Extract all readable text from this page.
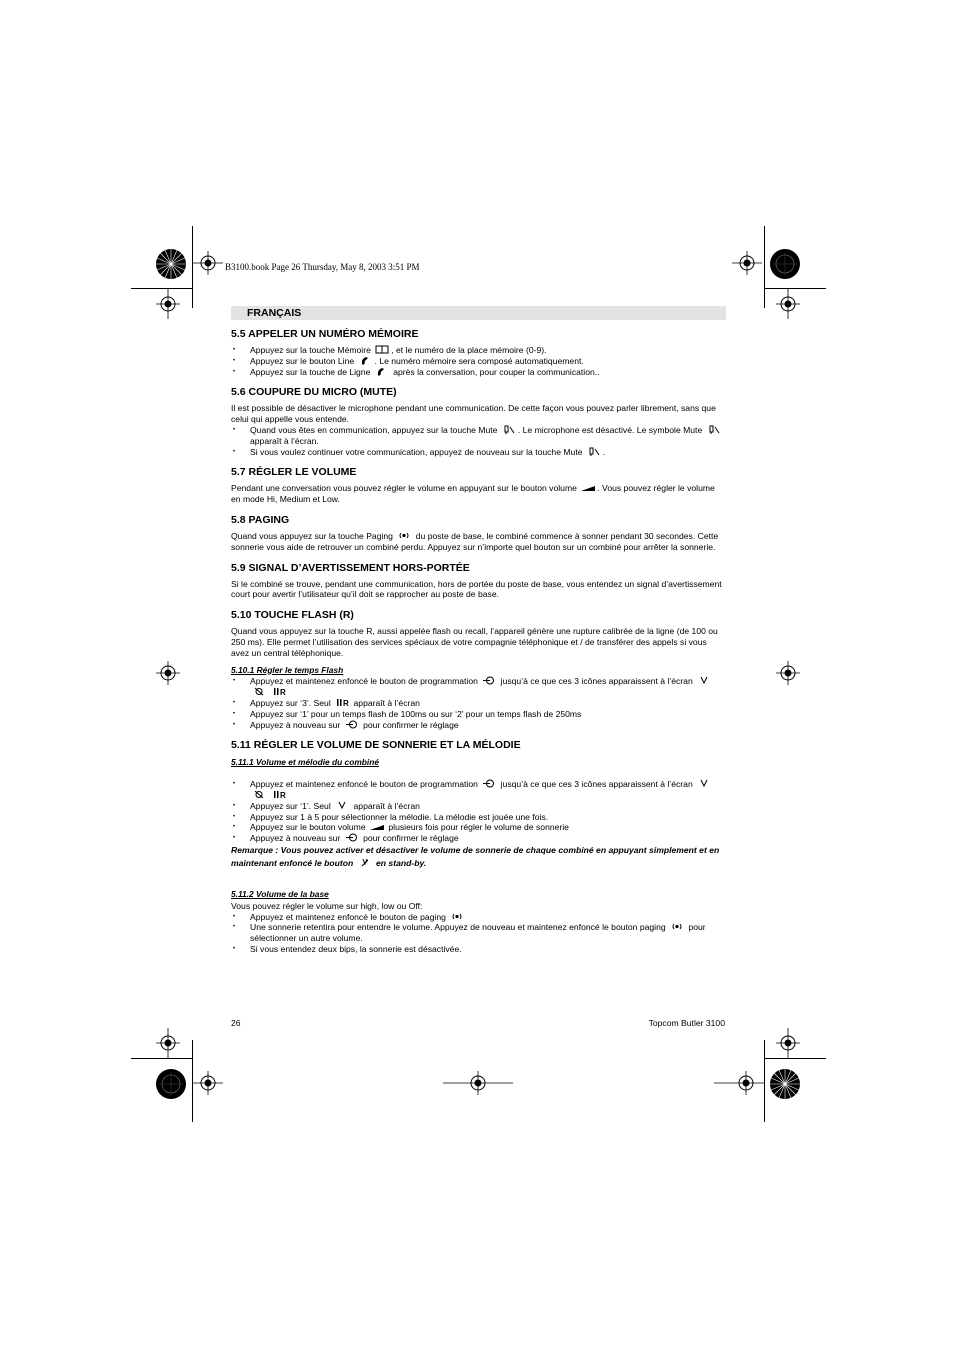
B3100.book Page 26 Thursday, May 8, 2003 3:51 PM
FRANÇAIS
5.5 APPELER UN NUMÉRO MÉMOIRE
• Appuyez sur la touche Mémoire , et le numéro de la place mémoire (0-9).
• Appuyez sur le bouton Line . Le numéro mémoire sera composé automatiquement.
• Appuyez sur la touche de Ligne	après la conversation, pour couper la communication..
5.6 COUPURE DU MICRO (MUTE)

Il est possible de désactiver le microphone pendant une communication. De cette façon vous pouvez parler librement, sans que celui qui appelle vous entende.

• Quand vous êtes en communication, appuyez sur la touche Mute . Le microphone est désactivé. Le symbole Mute  apparaît à l’écran.
• Si vous voulez continuer votre communication, appuyez de nouveau sur la touche Mute .
5.7 RÉGLER LE VOLUME

Pendant une conversation vous pouvez régler le volume en appuyant sur le bouton volume . Vous pouvez régler le volume en mode Hi, Medium et Low.

5.8 PAGING

Quand vous appuyez sur la touche Paging	du poste de base, le combiné commence à sonner pendant 30 secondes. Cette sonnerie vous aide de retrouver un combiné perdu. Appuyez sur n’importe quel bouton sur un combiné pour arrêter la sonnerie.

5.9 SIGNAL D’AVERTISSEMENT HORS-PORTÉE

Si le combiné se trouve, pendant une communication, hors de portée du poste de base, vous entendez un signal d’avertissement court pour avertir l’utilisateur qu’il doit se rapprocher au poste de base.

5.10 TOUCHE FLASH (R)

Quand vous appuyez sur la touche R, aussi appelée flash ou recall, l’appareil génère une rupture calibrée de la ligne (de 100 ou 250 ms). Elle permet l’utilisation des services spéciaux de votre compagnie téléphonique et / de transférer des appels si vous avez un central téléphonique.

5.10.1 Régler le temps Flash
• Appuyez et maintenez enfoncé le bouton de programmation	jusqu’à ce que ces 3 icônes apparaissent à l’écran
R
• Appuyez sur ‘3’. Seul R apparaît à l’écran
• Appuyez sur ‘1’ pour un temps flash de 100ms ou sur ‘2’ pour un temps flash de 250ms
• Appuyez à nouveau sur	pour confirmer le réglage
5.11 RÉGLER LE VOLUME DE SONNERIE ET LA MÉLODIE
5.11.1 Volume et mélodie du combiné
• Appuyez et maintenez enfoncé le bouton de programmation	jusqu’à ce que ces 3 icônes apparaissent à l’écran
R
• Appuyez sur ‘1’. Seul	apparaît à l’écran
• Appuyez sur 1 à 5 pour sélectionner la mélodie. La mélodie est jouée une fois.
• Appuyez sur le bouton volume	plusieurs fois pour régler le volume de sonnerie
• Appuyez à nouveau sur	pour confirmer le réglage

Remarque : Vous pouvez activer et désactiver le volume de sonnerie de chaque combiné en appuyant simplement et en maintenant enfoncé le bouton	en stand-by.

5.11.2 Volume de la base

Vous pouvez régler le volume sur high, low ou Off:

• Appuyez et maintenez enfoncé le bouton de paging
• Une sonnerie retentira pour entendre le volume. Appuyez de nouveau et maintenez enfoncé le bouton paging	pour sélectionner un autre volume.
• Si vous entendez deux bips, la sonnerie est désactivée.
26	Topcom Butler 3100
